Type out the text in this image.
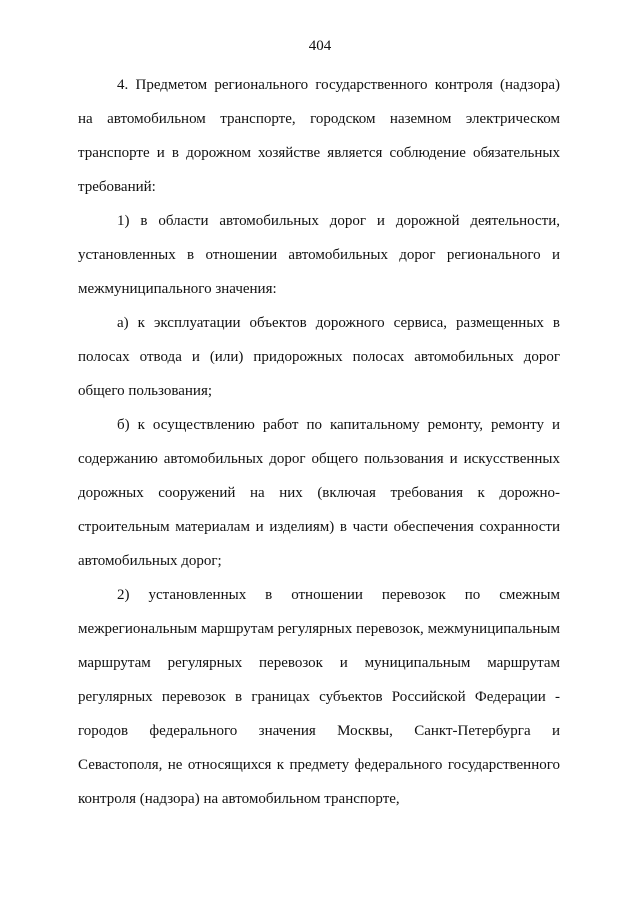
404

4. Предметом регионального государственного контроля (надзора) на автомобильном транспорте, городском наземном электрическом транспорте и в дорожном хозяйстве является соблюдение обязательных требований:

1) в области автомобильных дорог и дорожной деятельности, установленных в отношении автомобильных дорог регионального и межмуниципального значения:

а) к эксплуатации объектов дорожного сервиса, размещенных в полосах отвода и (или) придорожных полосах автомобильных дорог общего пользования;

б) к осуществлению работ по капитальному ремонту, ремонту и содержанию автомобильных дорог общего пользования и искусственных дорожных сооружений на них (включая требования к дорожно-строительным материалам и изделиям) в части обеспечения сохранности автомобильных дорог;

2) установленных в отношении перевозок по смежным межрегиональным маршрутам регулярных перевозок, межмуниципальным маршрутам регулярных перевозок и муниципальным маршрутам регулярных перевозок в границах субъектов Российской Федерации - городов федерального значения Москвы, Санкт-Петербурга и Севастополя, не относящихся к предмету федерального государственного контроля (надзора) на автомобильном транспорте,
